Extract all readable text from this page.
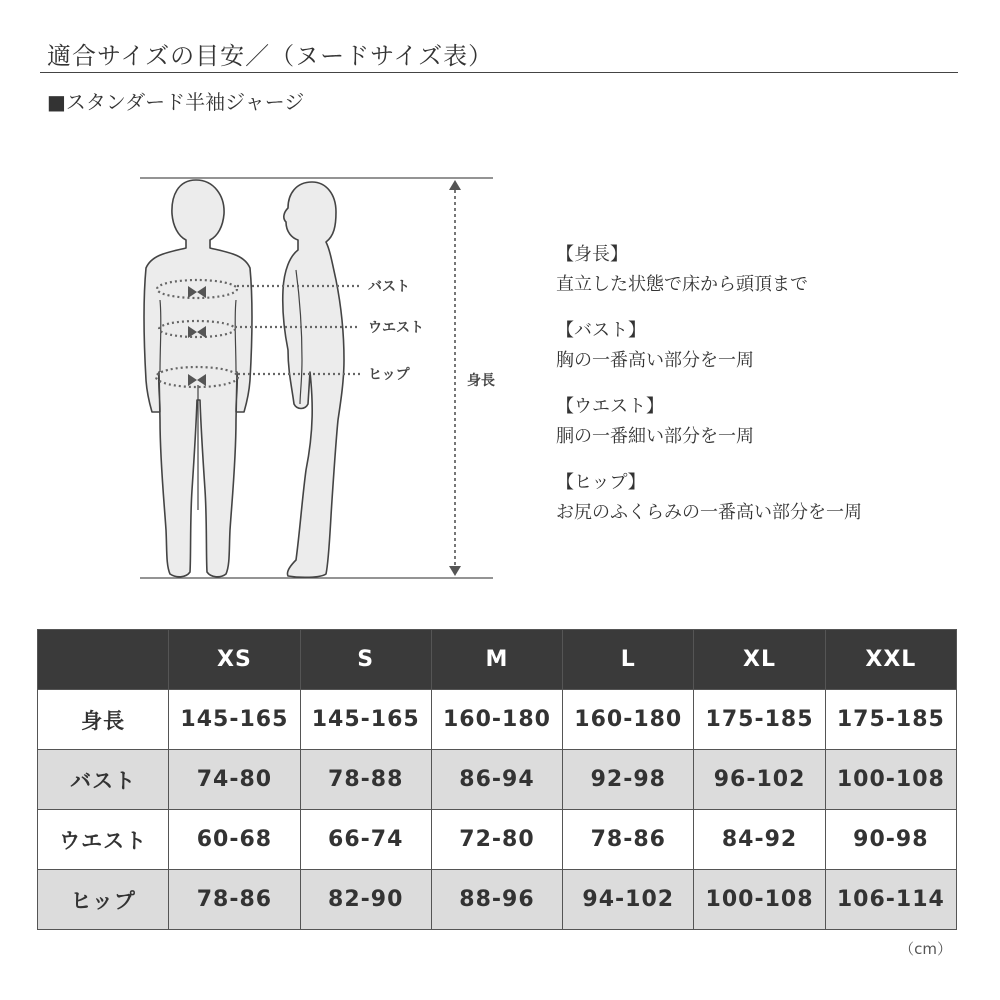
適合サイズの目安／（ヌードサイズ表）
■スタンダード半袖ジャージ
バスト
ウエスト
ヒップ	身長
【身長】
直立した状態で床から頭頂まで
【バスト】
胸の一番高い部分を一周
【ウエスト】
胴の一番細い部分を一周
【ヒップ】
お尻のふくらみの一番高い部分を一周
	XS	S	M	L	XL	XXL
身長	145-165	145-165	160-180	160-180	175-185	175-185
バスト	74-80	78-88	86-94	92-98	96-102	100-108
ウエスト	60-68	66-74	72-80	78-86	84-92	90-98
ヒップ	78-86	82-90	88-96	94-102	100-108	106-114
（cm）
